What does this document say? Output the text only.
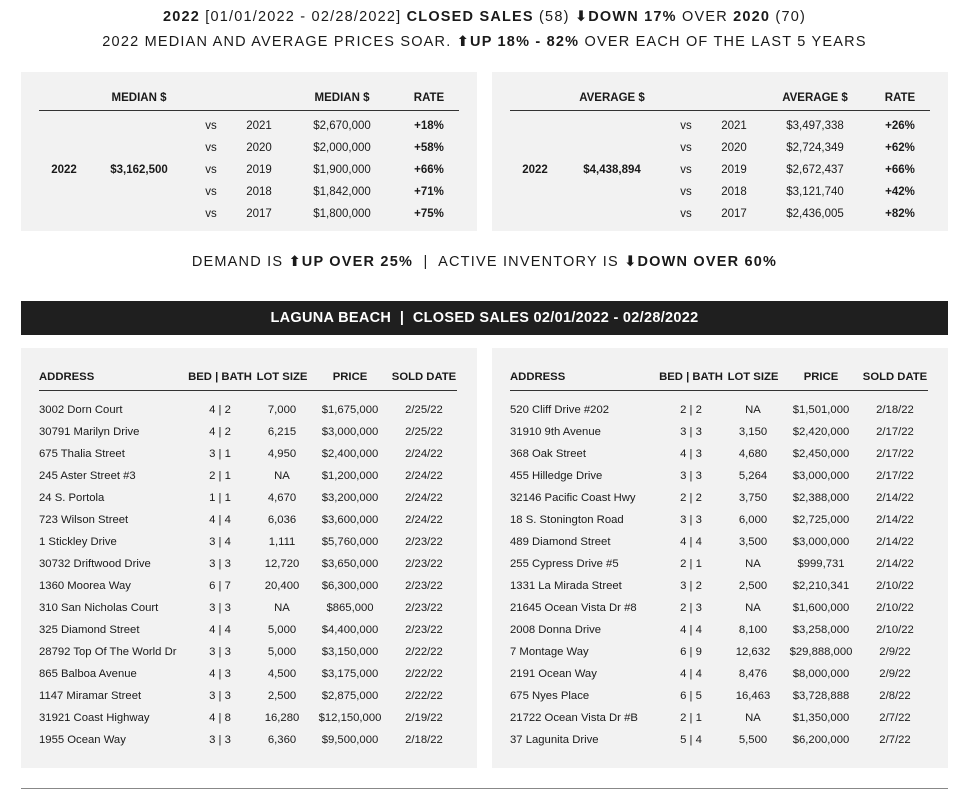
2022 [01/01/2022 - 02/28/2022] CLOSED SALES (58) ⬇DOWN 17% OVER 2020 (70)
2022 MEDIAN AND AVERAGE PRICES SOAR. ⬆UP 18% - 82% OVER EACH OF THE LAST 5 YEARS
	MEDIAN $			MEDIAN $	RATE

		vs	2021	$2,670,000	+18%
		vs	2020	$2,000,000	+58%
2022	$3,162,500	vs	2019	$1,900,000	+66%
		vs	2018	$1,842,000	+71%
		vs	2017	$1,800,000	+75%
	AVERAGE $			AVERAGE $	RATE

		vs	2021	$3,497,338	+26%
		vs	2020	$2,724,349	+62%
2022	$4,438,894	vs	2019	$2,672,437	+66%
		vs	2018	$3,121,740	+42%
		vs	2017	$2,436,005	+82%
DEMAND IS ⬆UP OVER 25%  |  ACTIVE INVENTORY IS ⬇DOWN OVER 60%
LAGUNA BEACH  |  CLOSED SALES 02/01/2022 - 02/28/2022
ADDRESS	BED | BATH	LOT SIZE	PRICE	SOLD DATE
3002 Dorn Court	4 | 2	7,000	$1,675,000	2/25/22
30791 Marilyn Drive	4 | 2	6,215	$3,000,000	2/25/22
675 Thalia Street	3 | 1	4,950	$2,400,000	2/24/22
245 Aster Street #3	2 | 1	NA	$1,200,000	2/24/22
24 S. Portola	1 | 1	4,670	$3,200,000	2/24/22
723 Wilson Street	4 | 4	6,036	$3,600,000	2/24/22
1 Stickley Drive	3 | 4	1,111	$5,760,000	2/23/22
30732 Driftwood Drive	3 | 3	12,720	$3,650,000	2/23/22
1360 Moorea Way	6 | 7	20,400	$6,300,000	2/23/22
310 San Nicholas Court	3 | 3	NA	$865,000	2/23/22
325 Diamond Street	4 | 4	5,000	$4,400,000	2/23/22
28792 Top Of The World Dr	3 | 3	5,000	$3,150,000	2/22/22
865 Balboa Avenue	4 | 3	4,500	$3,175,000	2/22/22
1147 Miramar Street	3 | 3	2,500	$2,875,000	2/22/22
31921 Coast Highway	4 | 8	16,280	$12,150,000	2/19/22
1955 Ocean Way	3 | 3	6,360	$9,500,000	2/18/22
ADDRESS	BED | BATH	LOT SIZE	PRICE	SOLD DATE
520 Cliff Drive #202	2 | 2	NA	$1,501,000	2/18/22
31910 9th Avenue	3 | 3	3,150	$2,420,000	2/17/22
368 Oak Street	4 | 3	4,680	$2,450,000	2/17/22
455 Hilledge Drive	3 | 3	5,264	$3,000,000	2/17/22
32146 Pacific Coast Hwy	2 | 2	3,750	$2,388,000	2/14/22
18 S. Stonington Road	3 | 3	6,000	$2,725,000	2/14/22
489 Diamond Street	4 | 4	3,500	$3,000,000	2/14/22
255 Cypress Drive #5	2 | 1	NA	$999,731	2/14/22
1331 La Mirada Street	3 | 2	2,500	$2,210,341	2/10/22
21645 Ocean Vista Dr #8	2 | 3	NA	$1,600,000	2/10/22
2008 Donna Drive	4 | 4	8,100	$3,258,000	2/10/22
7 Montage Way	6 | 9	12,632	$29,888,000	2/9/22
2191 Ocean Way	4 | 4	8,476	$8,000,000	2/9/22
675 Nyes Place	6 | 5	16,463	$3,728,888	2/8/22
21722 Ocean Vista Dr #B	2 | 1	NA	$1,350,000	2/7/22
37 Lagunita Drive	5 | 4	5,500	$6,200,000	2/7/22
